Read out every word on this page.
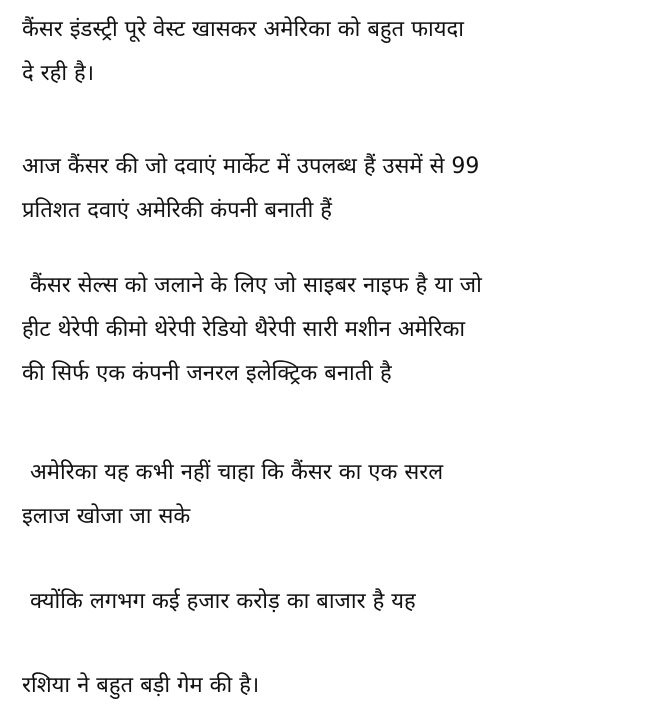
कैंसर इंडस्ट्री पूरे वेस्ट खासकर अमेरिका को बहुत फायदा
दे रही है।
आज कैंसर की जो दवाएं मार्केट में उपलब्ध हैं उसमें से 99
प्रतिशत दवाएं अमेरिकी कंपनी बनाती हैं
कैंसर सेल्स को जलाने के लिए जो साइबर नाइफ है या जो
हीट थेरेपी कीमो थेरेपी रेडियो थैरेपी सारी मशीन अमेरिका
की सिर्फ एक कंपनी जनरल इलेक्ट्रिक बनाती है
अमेरिका यह कभी नहीं चाहा कि कैंसर का एक सरल
इलाज खोजा जा सके
क्योंकि लगभग कई हजार करोड़ का बाजार है यह
रशिया ने बहुत बड़ी गेम की है।
